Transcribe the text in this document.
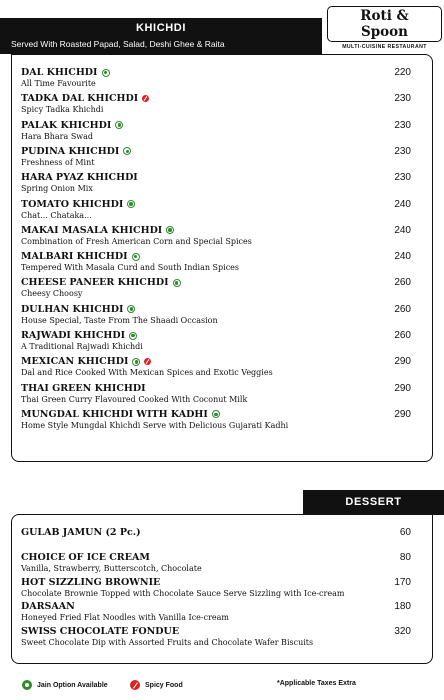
KHICHDI
Served With Roasted Papad, Salad, Deshi Ghee & Raita
Roti & Spoon
MULTI-CUISINE RESTAURANT
DAL KHICHDI
All Time Favourite
220
TADKA DAL KHICHDI
Spicy Tadka Khichdi
230
PALAK KHICHDI
Hara Bhara Swad
230
PUDINA KHICHDI
Freshness of Mint
230
HARA PYAZ KHICHDI
Spring Onion Mix
230
TOMATO KHICHDI
Chat... Chataka...
240
MAKAI MASALA KHICHDI
Combination of Fresh American Corn and Special Spices
240
MALBARI KHICHDI
Tempered With Masala Curd and South Indian Spices
240
CHEESE PANEER KHICHDI
Cheesy Choosy
260
DULHAN KHICHDI
House Special, Taste From The Shaadi Occasion
260
RAJWADI KHICHDI
A Traditional Rajwadi Khichdi
260
MEXICAN KHICHDI
Dal and Rice Cooked With Mexican Spices and Exotic Veggies
290
THAI GREEN KHICHDI
Thai Green Curry Flavoured Cooked With Coconut Milk
290
MUNGDAL KHICHDI WITH KADHI
Home Style Mungdal Khichdi Serve with Delicious Gujarati Kadhi
290
DESSERT
GULAB JAMUN (2 Pc.)	60
CHOICE OF ICE CREAM
Vanilla, Strawberry, Butterscotch, Chocolate
80
HOT SIZZLING BROWNIE
Chocolate Brownie Topped with Chocolate Sauce Serve Sizzling with Ice-cream
170
DARSAAN
Honeyed Fried Flat Noodles with Vanilla Ice-cream
180
SWISS CHOCOLATE FONDUE
Sweet Chocolate Dip with Assorted Fruits and Chocolate Wafer Biscuits
320
Jain Option Available	Spicy Food	*Applicable Taxes Extra
